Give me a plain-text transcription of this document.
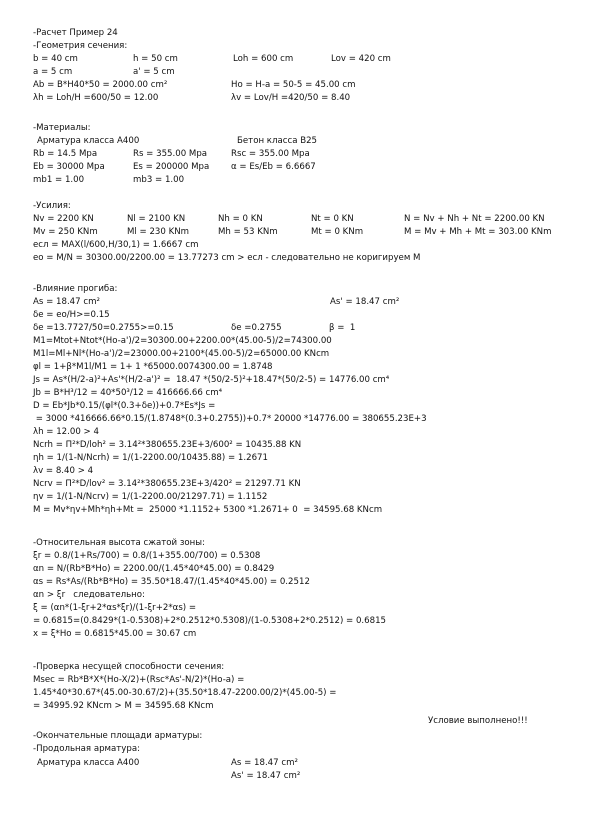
-Расчет Пример 24
-Геометрия сечения:
b = 40 cm	h = 50 cm	Loh = 600 cm	Lov = 420 cm
a = 5 cm	a' = 5 cm
Ab = B*H40*50 = 2000.00 cm²	Ho = H-a = 50-5 = 45.00 cm
λh = Loh/H =600/50 = 12.00	λv = Lov/H =420/50 = 8.40
-Материалы:
Арматура класса А400	Бетон класса В25
Rb = 14.5 Mpa	Rs = 355.00 Mpa	Rsc = 355.00 Mpa
Eb = 30000 Mpa	Es = 200000 Mpa	α = Es/Eb = 6.6667
mb1 = 1.00	mb3 = 1.00
-Усилия:
Nv = 2200 KN	Nl = 2100 KN	Nh = 0 KN	Nt = 0 KN	N = Nv + Nh + Nt = 2200.00 KN
Mv = 250 KNm	Ml = 230 KNm	Mh = 53 KNm	Mt = 0 KNm	M = Mv + Mh + Mt = 303.00 KNm
есл = MAX(l/600,H/30,1) = 1.6667 cm
eo = M/N = 30300.00/2200.00 = 13.77273 cm > есл - следовательно не коригируем М
-Влияние прогиба:
As = 18.47 cm²	As' = 18.47 cm²
δe = eo/H>=0.15
δe =13.7727/50=0.2755>=0.15	δe =0.2755	β =  1
M1=Mtot+Ntot*(Ho-a')/2=30300.00+2200.00*(45.00-5)/2=74300.00
M1l=Ml+Nl*(Ho-a')/2=23000.00+2100*(45.00-5)/2=65000.00 KNcm
φl = 1+β*M1l/M1 = 1+ 1 *65000.0074300.00 = 1.8748
Js = As*(H/2-a)²+As'*(H/2-a')² =  18.47 *(50/2-5)²+18.47*(50/2-5) = 14776.00 cm⁴
Jb = B*H³/12 = 40*50³/12 = 416666.66 cm⁴
D = Eb*Jb*0.15/(φl*(0.3+δe))+0.7*Es*Js =
= 3000 *416666.66*0.15/(1.8748*(0.3+0.2755))+0.7* 20000 *14776.00 = 380655.23E+3
λh = 12.00 > 4
Ncrh = Π²*D/loh² = 3.14²*380655.23E+3/600² = 10435.88 KN
ηh = 1/(1-N/Ncrh) = 1/(1-2200.00/10435.88) = 1.2671
λv = 8.40 > 4
Ncrv = Π²*D/lov² = 3.14²*380655.23E+3/420² = 21297.71 KN
ηv = 1/(1-N/Ncrv) = 1/(1-2200.00/21297.71) = 1.1152
M = Mv*ηv+Mh*ηh+Mt =  25000 *1.1152+ 5300 *1.2671+ 0  = 34595.68 KNcm
-Относительная высота сжатой зоны:
ξr = 0.8/(1+Rs/700) = 0.8/(1+355.00/700) = 0.5308
αn = N/(Rb*B*Ho) = 2200.00/(1.45*40*45.00) = 0.8429
αs = Rs*As/(Rb*B*Ho) = 35.50*18.47/(1.45*40*45.00) = 0.2512
αn > ξr   следовательно:
ξ = (αn*(1-ξr+2*αs*ξr)/(1-ξr+2*αs) =
= 0.6815=(0.8429*(1-0.5308)+2*0.2512*0.5308)/(1-0.5308+2*0.2512) = 0.6815
x = ξ*Ho = 0.6815*45.00 = 30.67 cm
-Проверка несущей способности сечения:
Msec = Rb*B*X*(Ho-X/2)+(Rsc*As'-N/2)*(Ho-a) =
1.45*40*30.67*(45.00-30.67/2)+(35.50*18.47-2200.00/2)*(45.00-5) =
= 34995.92 KNcm > M = 34595.68 KNcm
Условие выполнено!!!
-Окончательные площади арматуры:
-Продольная арматура:
Арматура класса А400	As = 18.47 cm²
As' = 18.47 cm²
